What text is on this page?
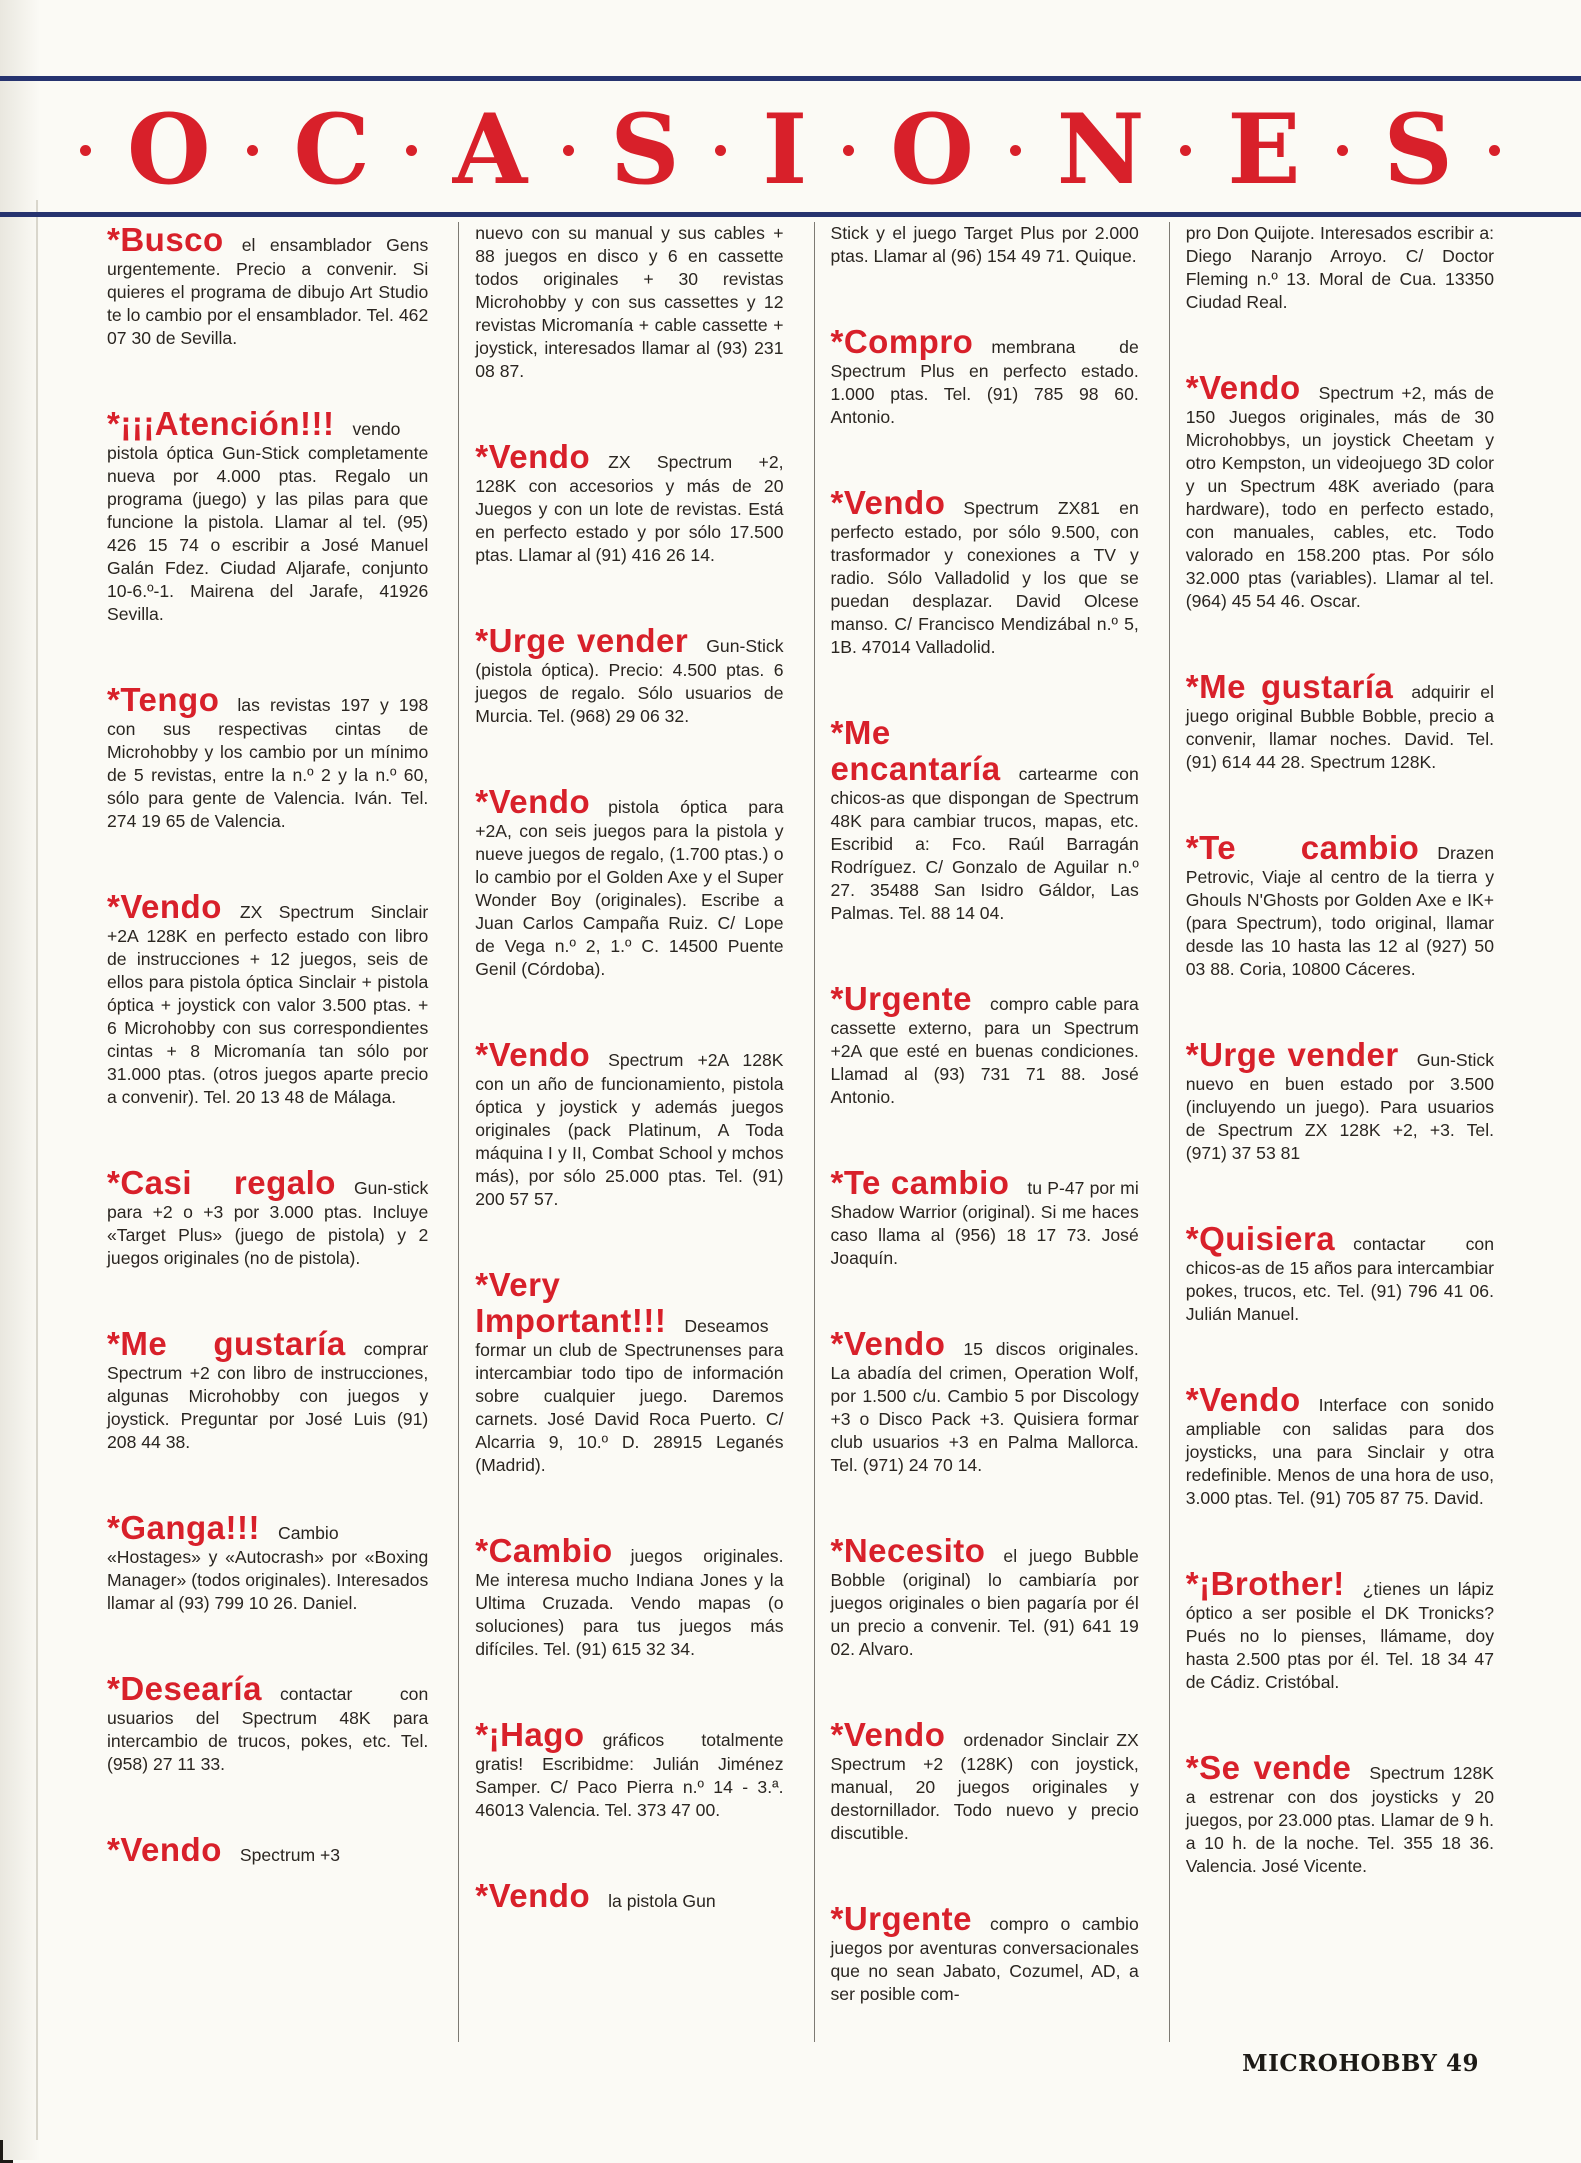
O C A S I O N E S

*Busco el ensamblador Gens urgentemente. Precio a convenir. Si quieres el programa de dibujo Art Studio te lo cambio por el ensamblador. Tel. 462 07 30 de Sevilla.

*¡¡¡Atención!!! vendo pistola óptica Gun-Stick completamente nueva por 4.000 ptas. Regalo un programa (juego) y las pilas para que funcione la pistola. Llamar al tel. (95) 426 15 74 o escribir a José Manuel Galán Fdez. Ciudad Aljarafe, conjunto 10-6.º-1. Mairena del Jarafe, 41926 Sevilla.

*Tengo las revistas 197 y 198 con sus respectivas cintas de Microhobby y los cambio por un mínimo de 5 revistas, entre la n.º 2 y la n.º 60, sólo para gente de Valencia. Iván. Tel. 274 19 65 de Valencia.

*Vendo ZX Spectrum Sinclair +2A 128K en perfecto estado con libro de instrucciones + 12 juegos, seis de ellos para pistola óptica Sinclair + pistola óptica + joystick con valor 3.500 ptas. + 6 Microhobby con sus correspondientes cintas + 8 Micromanía tan sólo por 31.000 ptas. (otros juegos aparte precio a convenir). Tel. 20 13 48 de Málaga.

*Casi regalo Gun-stick para +2 o +3 por 3.000 ptas. Incluye «Target Plus» (juego de pistola) y 2 juegos originales (no de pistola).

*Me gustaría comprar Spectrum +2 con libro de instrucciones, algunas Microhobby con juegos y joystick. Preguntar por José Luis (91) 208 44 38.

*Ganga!!! Cambio «Hostages» y «Autocrash» por «Boxing Manager» (todos originales). Interesados llamar al (93) 799 10 26. Daniel.

*Desearía contactar con usuarios del Spectrum 48K para intercambio de trucos, pokes, etc. Tel. (958) 27 11 33.

*Vendo Spectrum +3

nuevo con su manual y sus cables + 88 juegos en disco y 6 en cassette todos originales + 30 revistas Microhobby y con sus cassettes y 12 revistas Micromanía + cable cassette + joystick, interesados llamar al (93) 231 08 87.

*Vendo ZX Spectrum +2, 128K con accesorios y más de 20 Juegos y con un lote de revistas. Está en perfecto estado y por sólo 17.500 ptas. Llamar al (91) 416 26 14.

*Urge vender Gun-Stick (pistola óptica). Precio: 4.500 ptas. 6 juegos de regalo. Sólo usuarios de Murcia. Tel. (968) 29 06 32.

*Vendo pistola óptica para +2A, con seis juegos para la pistola y nueve juegos de regalo, (1.700 ptas.) o lo cambio por el Golden Axe y el Super Wonder Boy (originales). Escribe a Juan Carlos Campaña Ruiz. C/ Lope de Vega n.º 2, 1.º C. 14500 Puente Genil (Córdoba).

*Vendo Spectrum +2A 128K con un año de funcionamiento, pistola óptica y joystick y además juegos originales (pack Platinum, A Toda máquina I y II, Combat School y mchos más), por sólo 25.000 ptas. Tel. (91) 200 57 57.

*Very Important!!! Deseamos formar un club de Spectrunenses para intercambiar todo tipo de información sobre cualquier juego. Daremos carnets. José David Roca Puerto. C/ Alcarria 9, 10.º D. 28915 Leganés (Madrid).

*Cambio juegos originales. Me interesa mucho Indiana Jones y la Ultima Cruzada. Vendo mapas (o soluciones) para tus juegos más difíciles. Tel. (91) 615 32 34.

*¡Hago gráficos totalmente gratis! Escribidme: Julián Jiménez Samper. C/ Paco Pierra n.º 14 - 3.ª. 46013 Valencia. Tel. 373 47 00.

*Vendo la pistola Gun

Stick y el juego Target Plus por 2.000 ptas. Llamar al (96) 154 49 71. Quique.

*Compro membrana de Spectrum Plus en perfecto estado. 1.000 ptas. Tel. (91) 785 98 60. Antonio.

*Vendo Spectrum ZX81 en perfecto estado, por sólo 9.500, con trasformador y conexiones a TV y radio. Sólo Valladolid y los que se puedan desplazar. David Olcese manso. C/ Francisco Mendizábal n.º 5, 1B. 47014 Valladolid.

*Me encantaría cartearme con chicos-as que dispongan de Spectrum 48K para cambiar trucos, mapas, etc. Escribid a: Fco. Raúl Barragán Rodríguez. C/ Gonzalo de Aguilar n.º 27. 35488 San Isidro Gáldor, Las Palmas. Tel. 88 14 04.

*Urgente compro cable para cassette externo, para un Spectrum +2A que esté en buenas condiciones. Llamad al (93) 731 71 88. José Antonio.

*Te cambio tu P-47 por mi Shadow Warrior (original). Si me haces caso llama al (956) 18 17 73. José Joaquín.

*Vendo 15 discos originales. La abadía del crimen, Operation Wolf, por 1.500 c/u. Cambio 5 por Discology +3 o Disco Pack +3. Quisiera formar club usuarios +3 en Palma Mallorca. Tel. (971) 24 70 14.

*Necesito el juego Bubble Bobble (original) lo cambiaría por juegos originales o bien pagaría por él un precio a convenir. Tel. (91) 641 19 02. Alvaro.

*Vendo ordenador Sinclair ZX Spectrum +2 (128K) con joystick, manual, 20 juegos originales y destornillador. Todo nuevo y precio discutible.

*Urgente compro o cambio juegos por aventuras conversacionales que no sean Jabato, Cozumel, AD, a ser posible com-

pro Don Quijote. Interesados escribir a: Diego Naranjo Arroyo. C/ Doctor Fleming n.º 13. Moral de Cua. 13350 Ciudad Real.

*Vendo Spectrum +2, más de 150 Juegos originales, más de 30 Microhobbys, un joystick Cheetam y otro Kempston, un videojuego 3D color y un Spectrum 48K averiado (para hardware), todo en perfecto estado, con manuales, cables, etc. Todo valorado en 158.200 ptas. Por sólo 32.000 ptas (variables). Llamar al tel. (964) 45 54 46. Oscar.

*Me gustaría adquirir el juego original Bubble Bobble, precio a convenir, llamar noches. David. Tel. (91) 614 44 28. Spectrum 128K.

*Te cambio Drazen Petrovic, Viaje al centro de la tierra y Ghouls N'Ghosts por Golden Axe e IK+ (para Spectrum), todo original, llamar desde las 10 hasta las 12 al (927) 50 03 88. Coria, 10800 Cáceres.

*Urge vender Gun-Stick nuevo en buen estado por 3.500 (incluyendo un juego). Para usuarios de Spectrum ZX 128K +2, +3. Tel. (971) 37 53 81

*Quisiera contactar con chicos-as de 15 años para intercambiar pokes, trucos, etc. Tel. (91) 796 41 06. Julián Manuel.

*Vendo Interface con sonido ampliable con salidas para dos joysticks, una para Sinclair y otra redefinible. Menos de una hora de uso, 3.000 ptas. Tel. (91) 705 87 75. David.

*¡Brother! ¿tienes un lápiz óptico a ser posible el DK Tronicks? Pués no lo pienses, llámame, doy hasta 2.500 ptas por él. Tel. 18 34 47 de Cádiz. Cristóbal.

*Se vende Spectrum 128K a estrenar con dos joysticks y 20 juegos, por 23.000 ptas. Llamar de 9 h. a 10 h. de la noche. Tel. 355 18 36. Valencia. José Vicente.

MICROHOBBY 49
